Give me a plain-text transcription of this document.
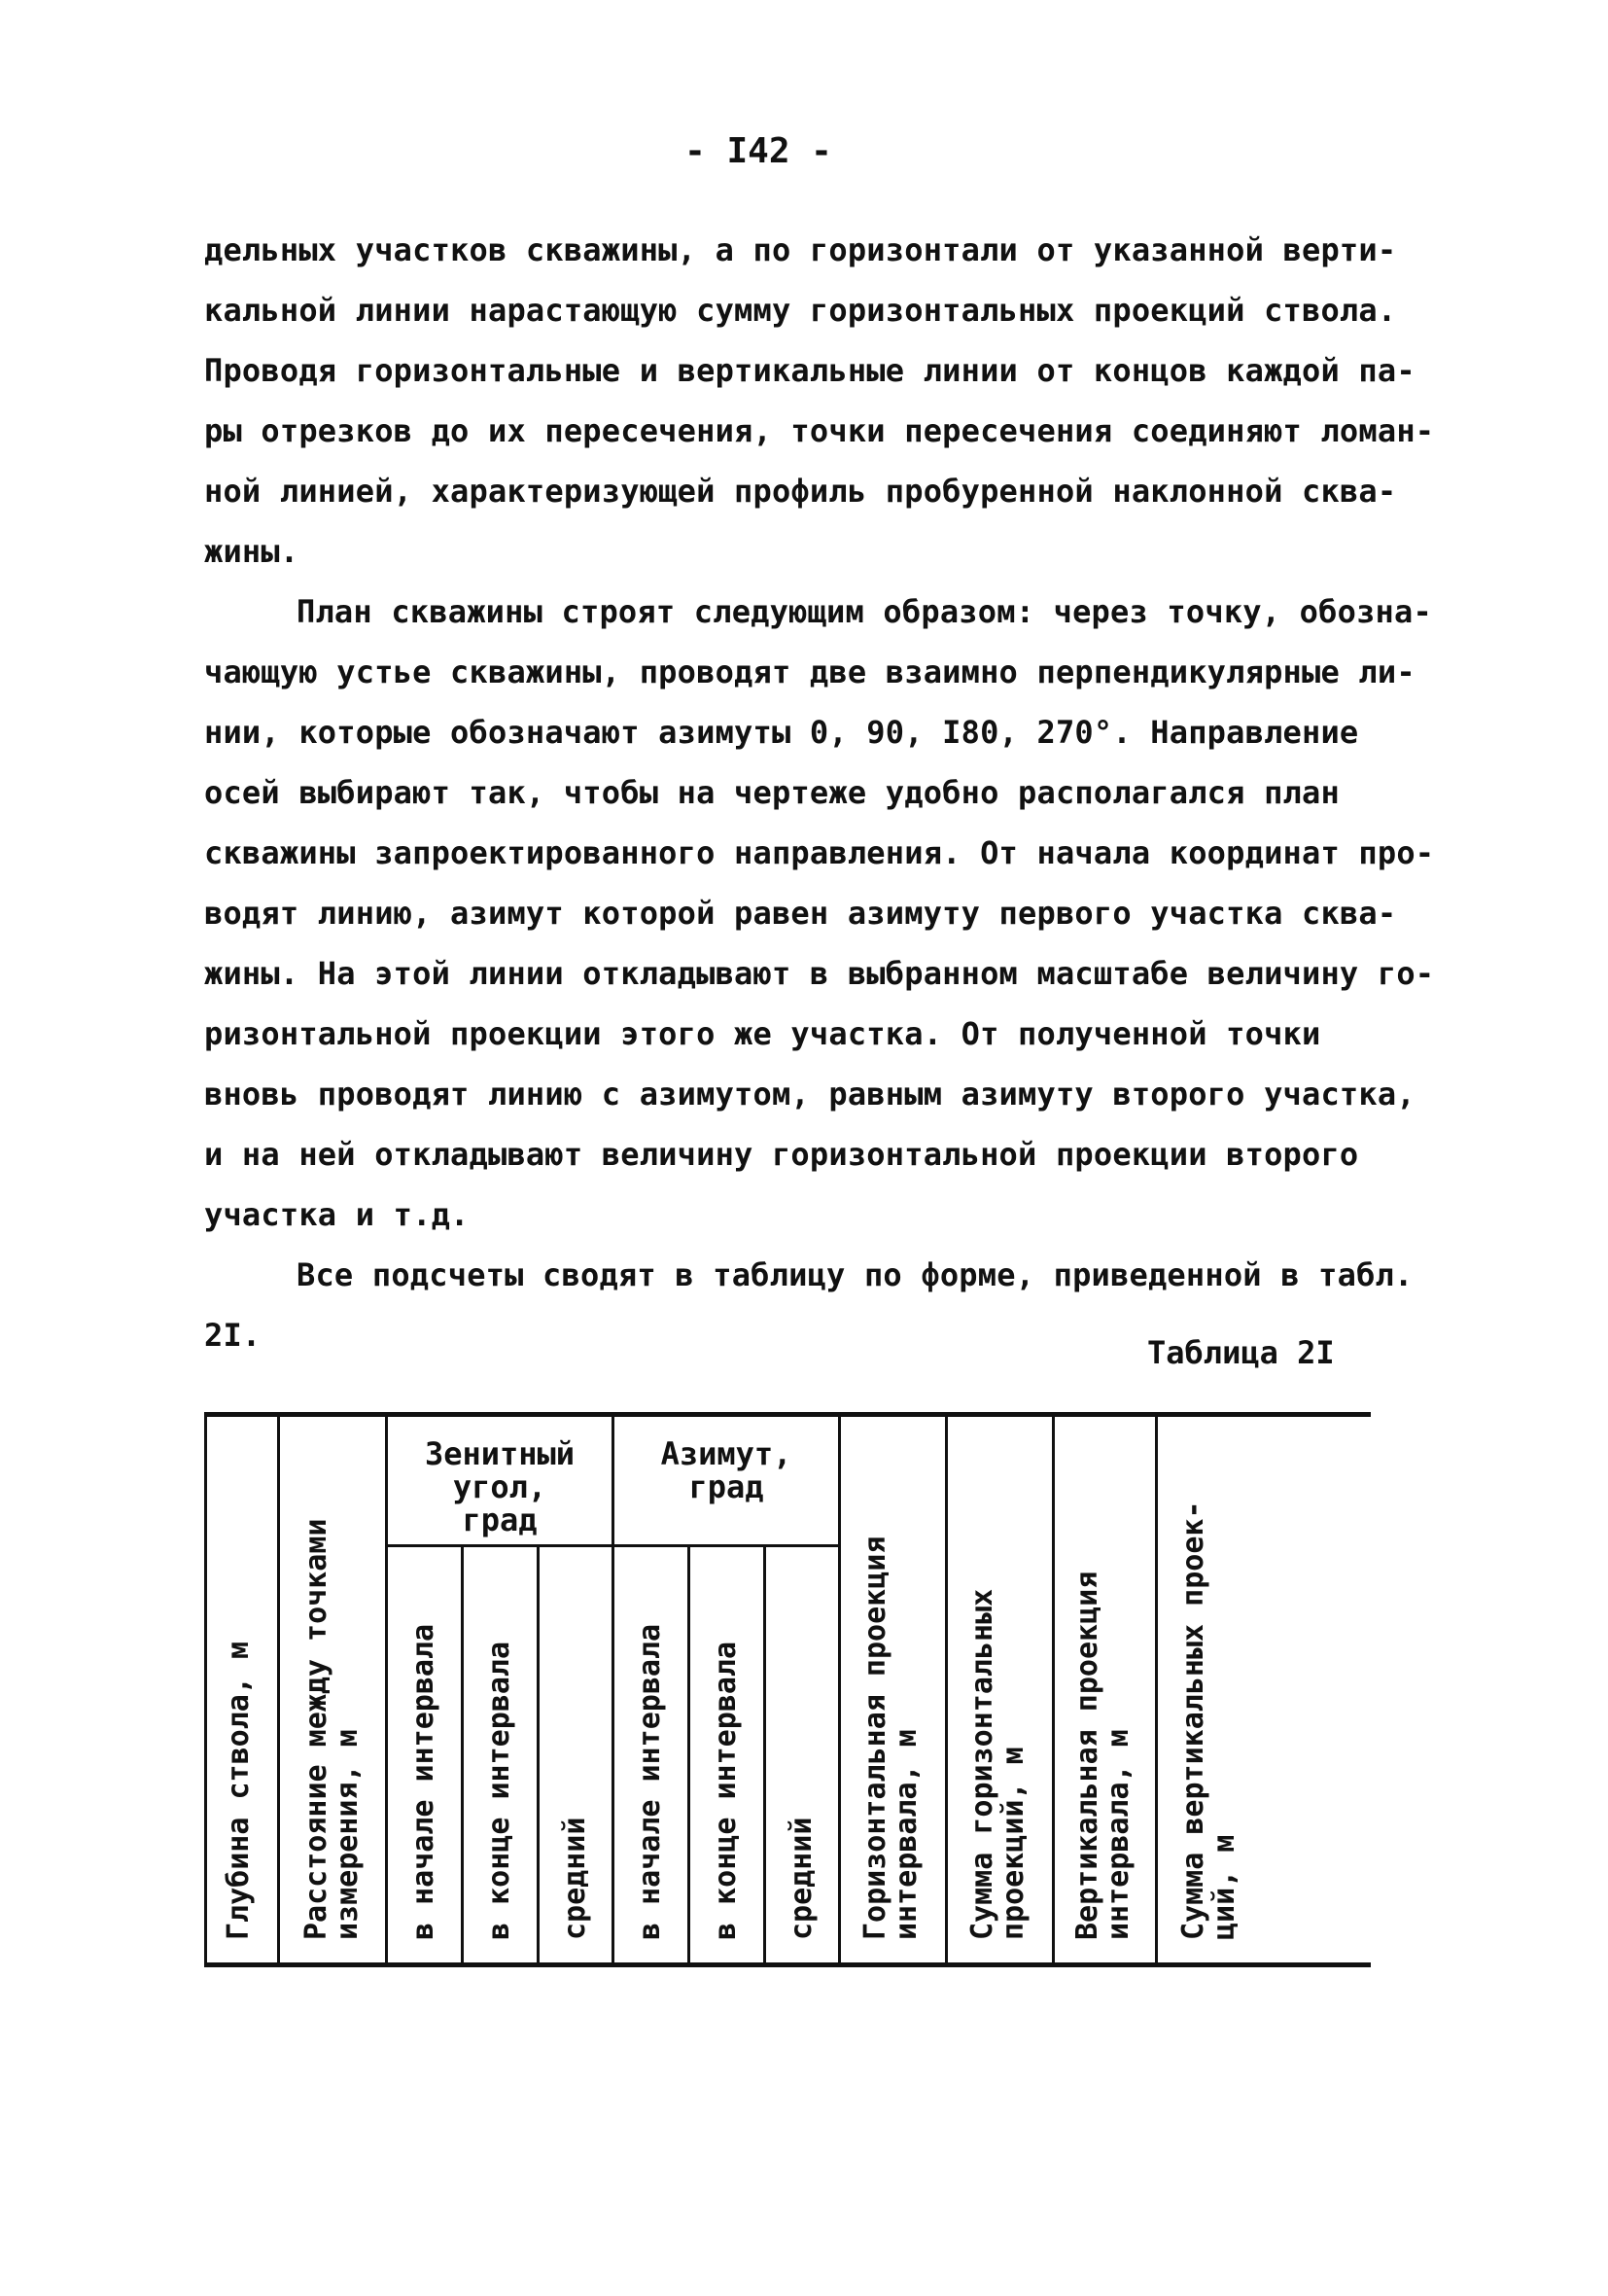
- I42 -
дельных участков скважины, а по горизонтали от указанной верти-
кальной линии нарастающую сумму горизонтальных проекций ствола.
Проводя горизонтальные и вертикальные линии от концов каждой па-
ры отрезков до их пересечения, точки пересечения соединяют ломан-
ной линией, характеризующей профиль пробуренной наклонной сква-
жины.
План скважины строят следующим образом: через точку, обозна-
чающую устье скважины, проводят две взаимно перпендикулярные ли-
нии, которые обозначают азимуты 0, 90, I80, 270°. Направление
осей выбирают так, чтобы на чертеже удобно располагался план
скважины запроектированного направления. От начала координат про-
водят линию, азимут которой равен азимуту первого участка сква-
жины. На этой линии откладывают в выбранном масштабе величину го-
ризонтальной проекции этого же участка. От полученной точки
вновь проводят линию с азимутом, равным азимуту второго участка,
и на ней откладывают величину горизонтальной проекции второго
участка и т.д.
Все подсчеты сводят в таблицу по форме, приведенной в табл.
2I.	Таблица 2I
Зенитный
угол,
град
Азимут,
град
Глубина ствола, м Расстояние между точками
измерения, м в начале интервала в конце интервала средний в начале интервала в конце интервала средний Горизонтальная проекция
интервала, м
Сумма горизонтальных
проекций, м Вертикальная проекция
интервала, м
Сумма вертикальных проек-
ций, м
